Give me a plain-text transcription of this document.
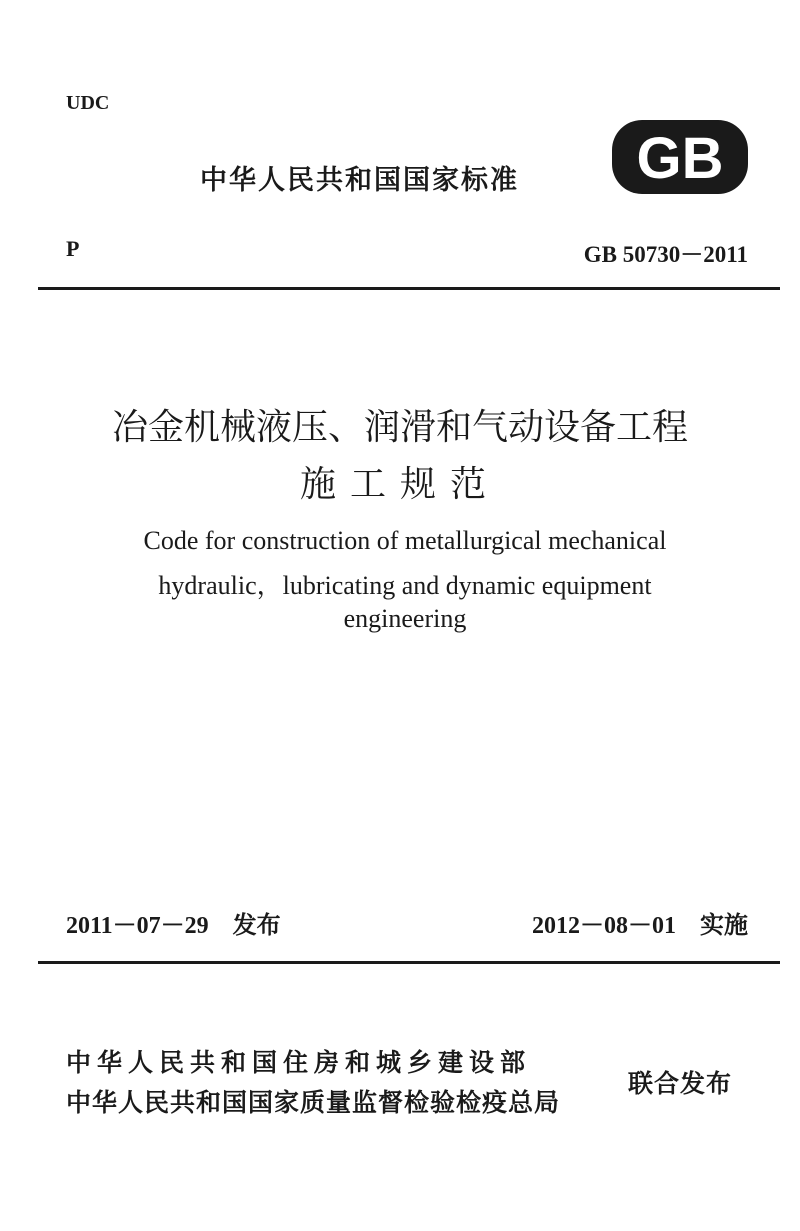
UDC
中华人民共和国国家标准 GB
P	GB 50730－2011
冶金机械液压、润滑和气动设备工程
施工规范
Code for construction of metallurgical mechanical
hydraulic，lubricating and dynamic equipment
engineering
2011－07－29　发布	2012－08－01　实施
中华人民共和国住房和城乡建设部
中华人民共和国国家质量监督检验检疫总局
联合发布
